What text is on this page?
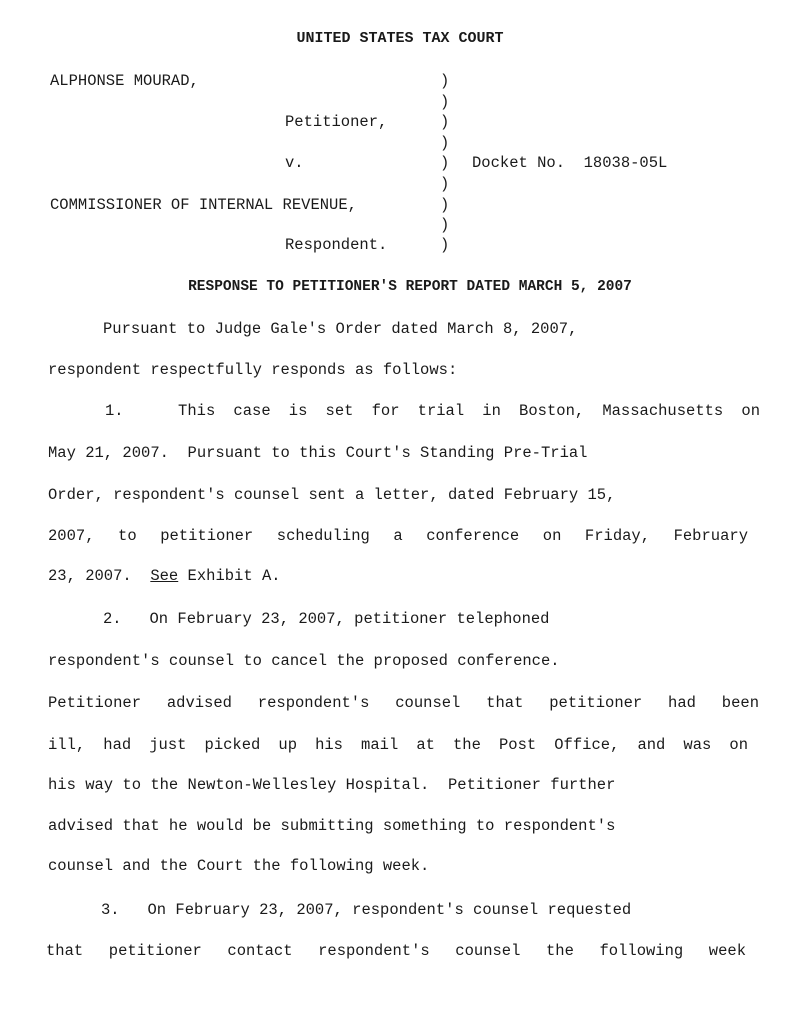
UNITED STATES TAX COURT
ALPHONSE MOURAD,	)
)
Petitioner,	)
)
v.	) Docket No.  18038-05L
)
COMMISSIONER OF INTERNAL REVENUE,	)
)
Respondent.	)
RESPONSE TO PETITIONER'S REPORT DATED MARCH 5, 2007
Pursuant to Judge Gale's Order dated March 8, 2007,
respondent respectfully responds as follows:
1.   This case is set for trial in Boston, Massachusetts on
May 21, 2007.  Pursuant to this Court's Standing Pre-Trial
Order, respondent's counsel sent a letter, dated February 15,
2007, to petitioner scheduling a conference on Friday, February
23, 2007.  See Exhibit A.
2.   On February 23, 2007, petitioner telephoned
respondent's counsel to cancel the proposed conference.
Petitioner advised respondent's counsel that petitioner had been
ill, had just picked up his mail at the Post Office, and was on
his way to the Newton-Wellesley Hospital.  Petitioner further
advised that he would be submitting something to respondent's
counsel and the Court the following week.
3.   On February 23, 2007, respondent's counsel requested
that petitioner contact respondent's counsel the following week
